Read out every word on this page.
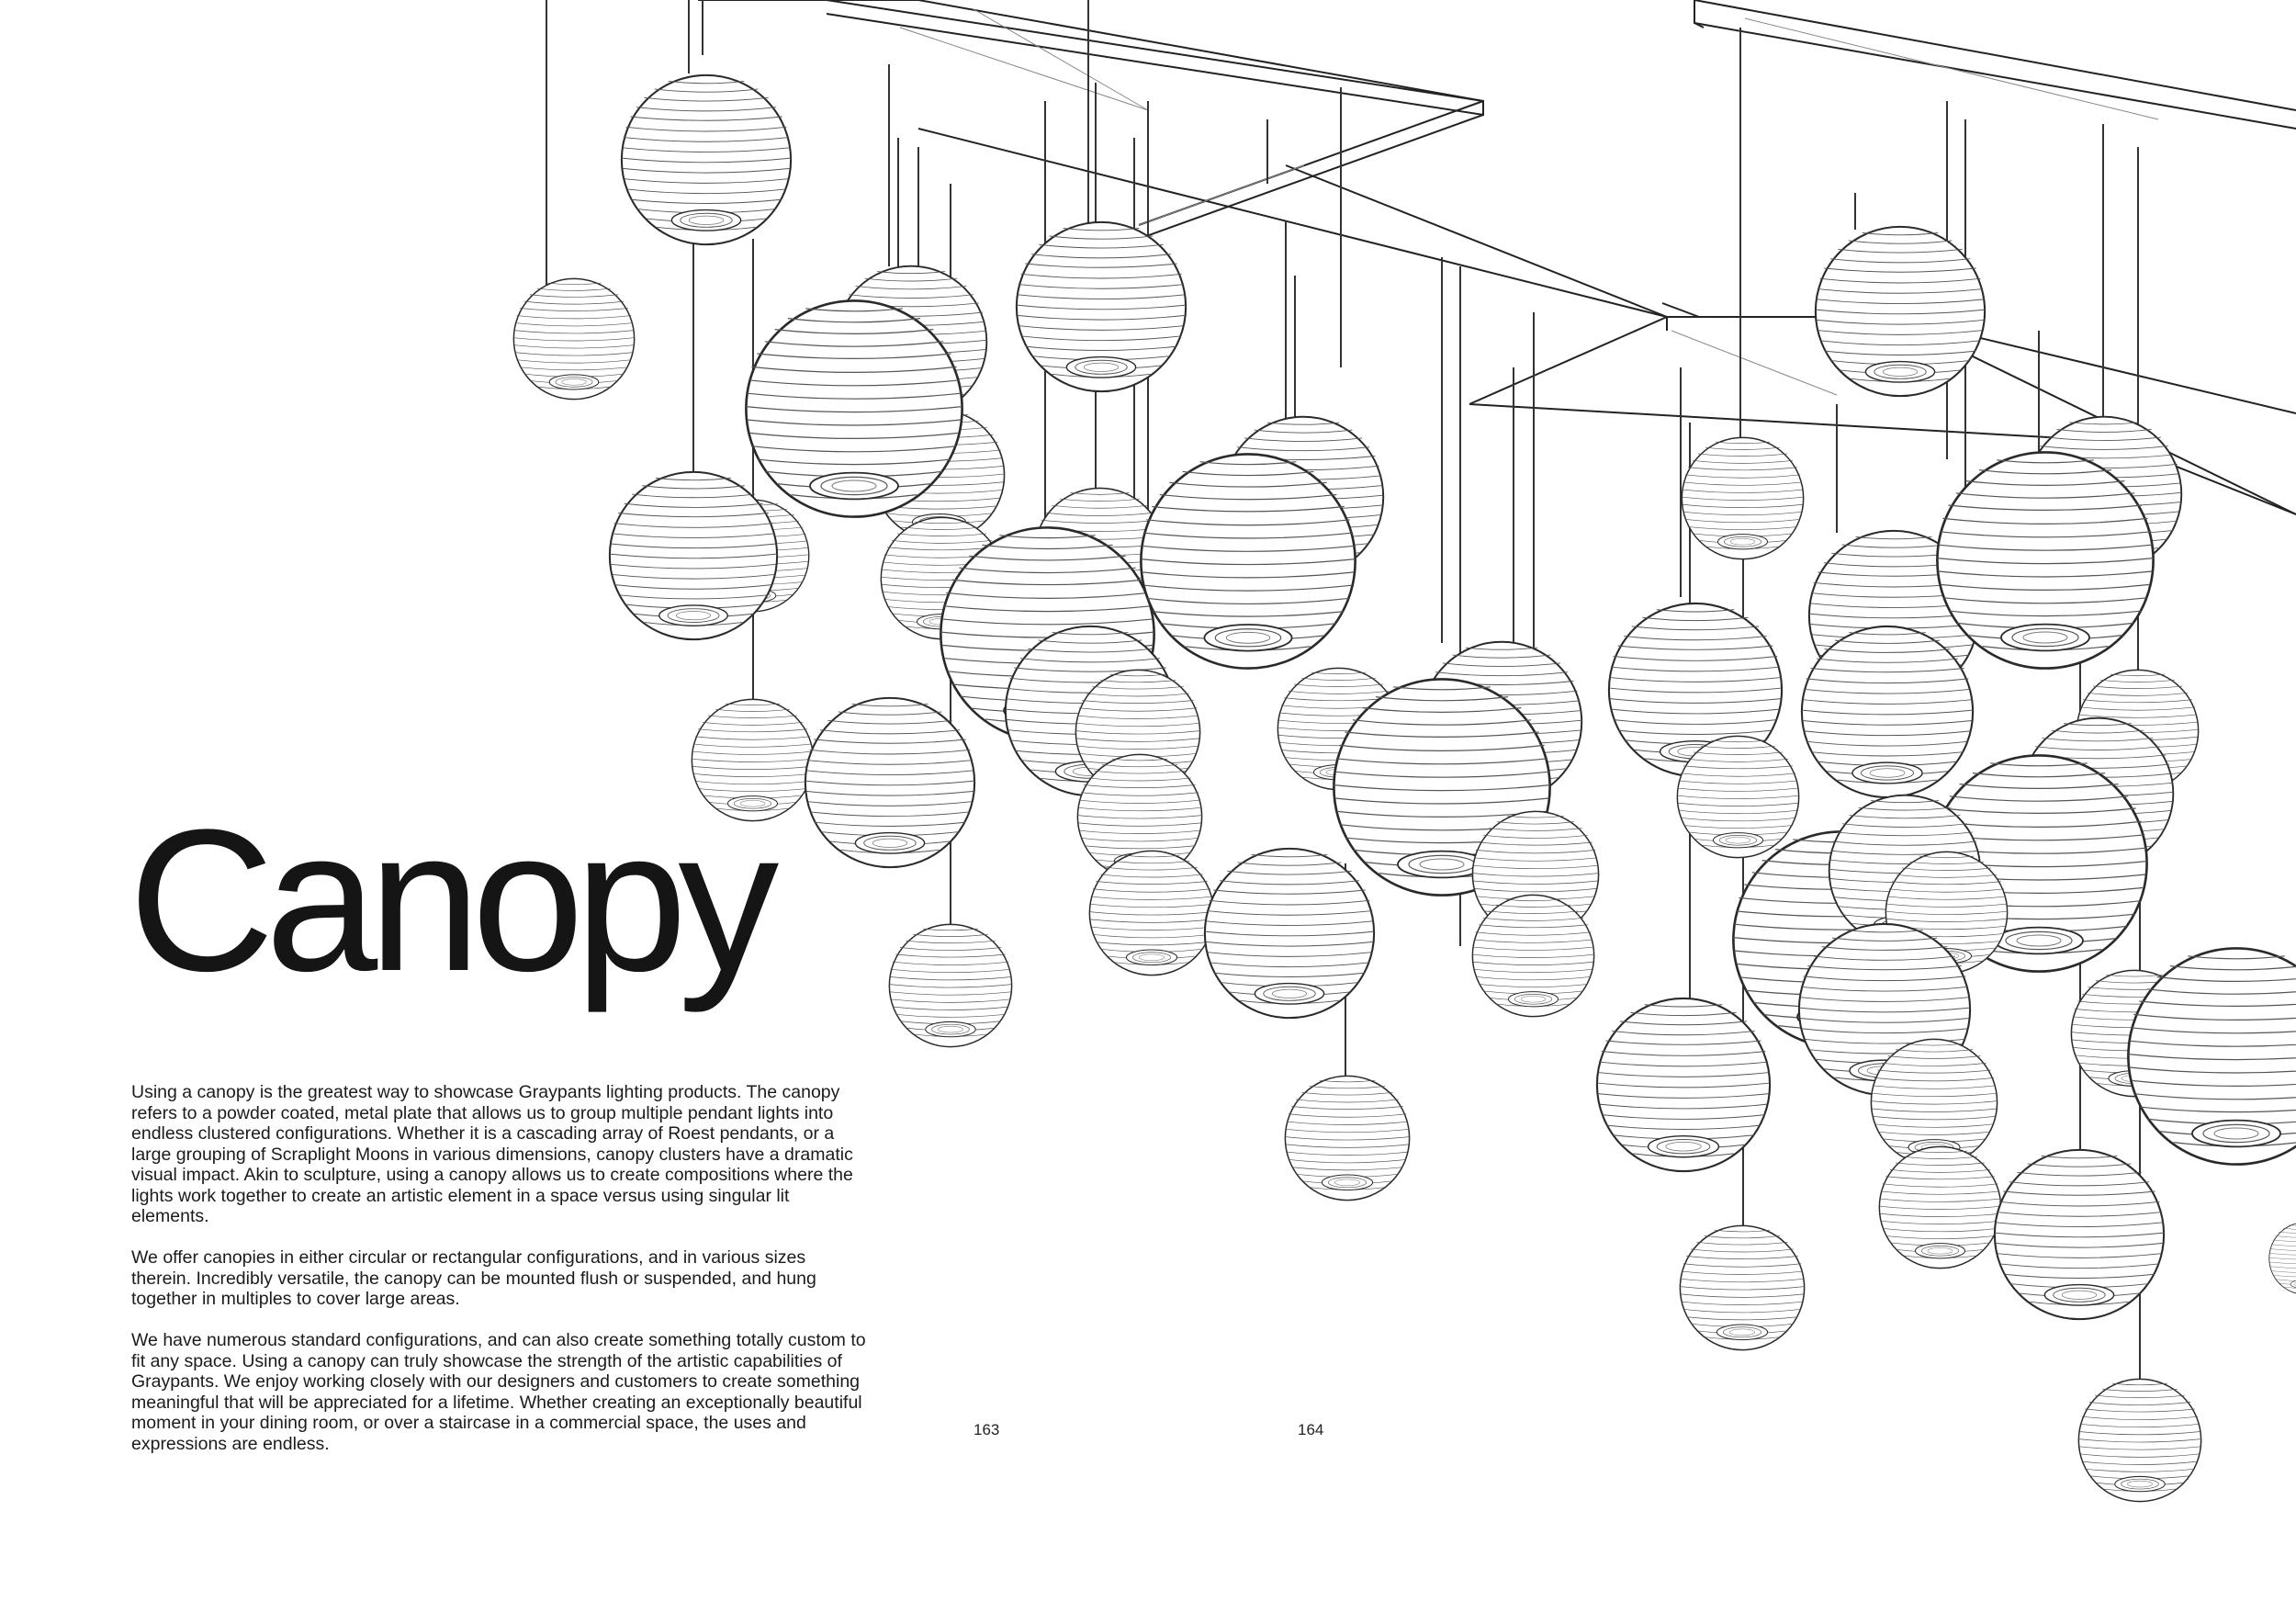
Canopy

Using a canopy is the greatest way to showcase Graypants lighting products. The canopy refers to a powder coated, metal plate that allows us to group multiple pendant lights into endless clustered configurations. Whether it is a cascading array of Roest pendants, or a large grouping of Scraplight Moons in various dimensions, canopy clusters have a dramatic visual impact. Akin to sculpture, using a canopy allows us to create compositions where the lights work together to create an artistic element in a space versus using singular lit elements.

We offer canopies in either circular or rectangular configurations, and in various sizes therein. Incredibly versatile, the canopy can be mounted flush or suspended, and hung together in multiples to cover large areas.

We have numerous standard configurations, and can also create something totally custom to fit any space. Using a canopy can truly showcase the strength of the artistic capabilities of Graypants. We enjoy working closely with our designers and customers to create something meaningful that will be appreciated for a lifetime. Whether creating an exceptionally beautiful moment in your dining room, or over a staircase in a commercial space, the uses and expressions are endless.

163	164
